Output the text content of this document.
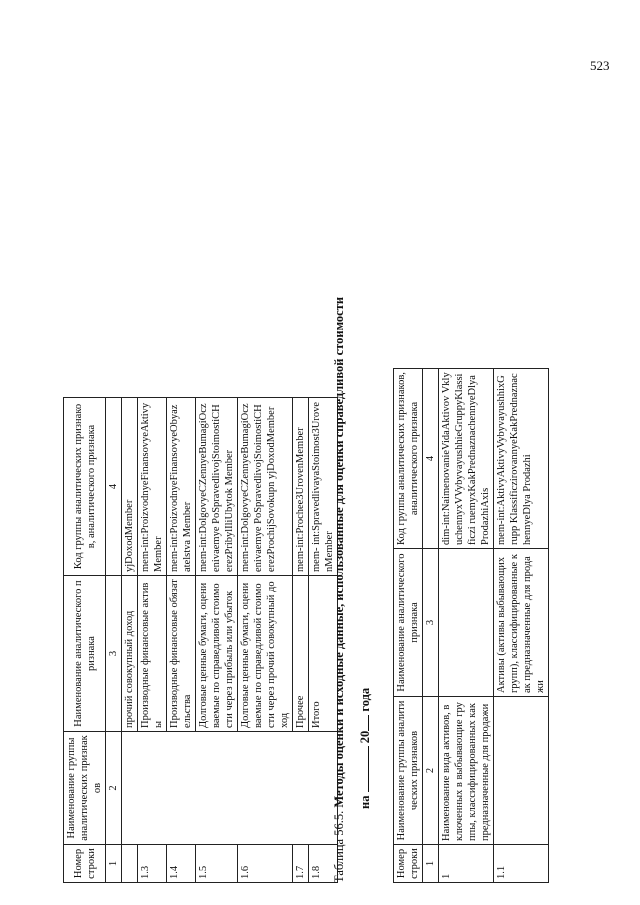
523
Номер строки	Наименование группы аналитических признаков	Наименование аналитического признака	Код группы аналитических признаков, аналитического признака
1	2	3	4
		прочий совокупный доход	yjDoxodMember
1.3		Производные финансовые активы	mem-int:ProizvodnyeFinansovyeAktivyMember
1.4		Производные финансовые обязательства	mem-int:ProizvodnyeFinansovyeObyazatelstva Member
1.5		Долговые ценные бумаги, оцениваемые по справедливой стоимости через прибыль или убыток	mem-int:DolgovyeCZennyeBumagiOczenivaemye PoSpravedlivojStoimostiCHerezPribylIliUbytok Member
1.6		Долговые ценные бумаги, оцениваемые по справедливой стоимости через прочий совокупный доход	mem-int:DolgovyeCZennyeBumagiOczenivaemye PoSpravedlivojStoimostiCHerezProchijSovokupn yjDoxodMember
1.7		Прочее	mem-int:Prochee3UrovenMember
1.8		Итого	mem- int:SpravedlivayaStoimost3UrovenMember
Таблица 56.5. Методы оценки и исходные данные, использованные для оценки справедливой стоимости на  20 года
Номер строки	Наименование группы аналитических признаков	Наименование аналитического признака	Код группы аналитических признаков, аналитического признака
1	2	3	4
1	Наименование вида активов, включенных в выбывающие группы, классифицированных как предназначенные для продажи		dim-int:NaimenovanieVidaAktivov VklyuchennyxVVybyvayushhieGruppyKlassificzi ruemyxKakPrednaznachennyeDlyaProdazhiAxis
1.1		Активы (активы выбывающих групп), классифицированные как предназначенные для продажи	mem-int:AktivyAktivyVybyvayushhixGrupp KlassificzirovannyeKakPrednaznachennyeDlya Prodazhi
